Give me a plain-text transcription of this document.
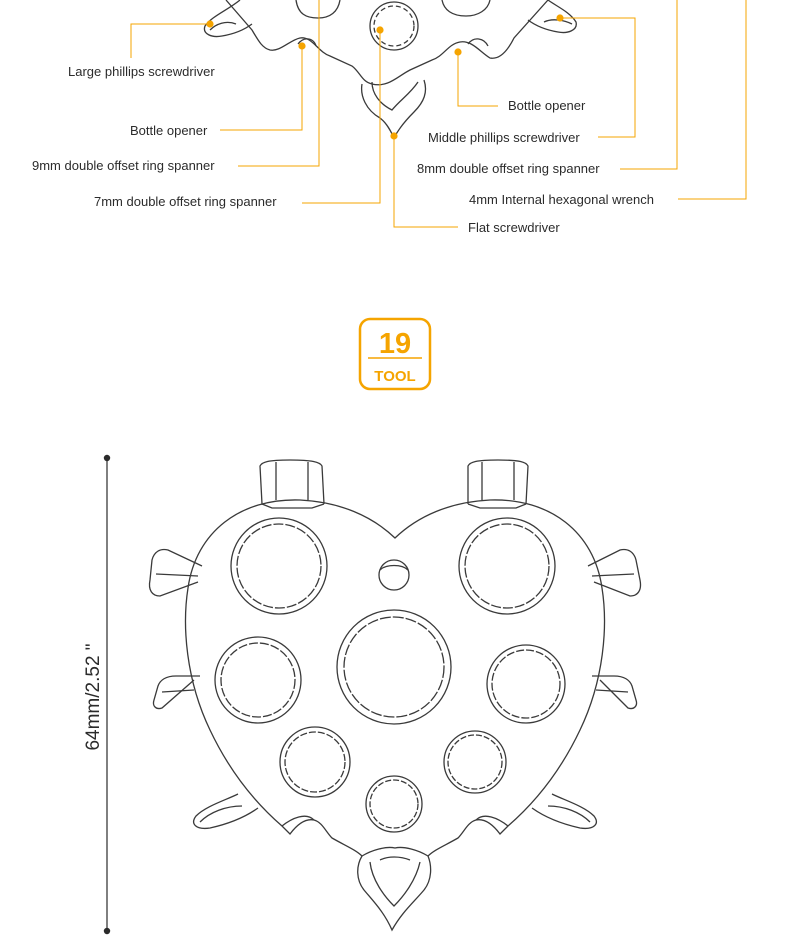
Large phillips screwdriver
Bottle opener
9mm double offset ring spanner
7mm double offset ring spanner
Bottle opener
Middle phillips screwdriver
8mm double offset ring spanner
4mm Internal hexagonal wrench
Flat screwdriver
19
TOOL
64mm/2.52 "
